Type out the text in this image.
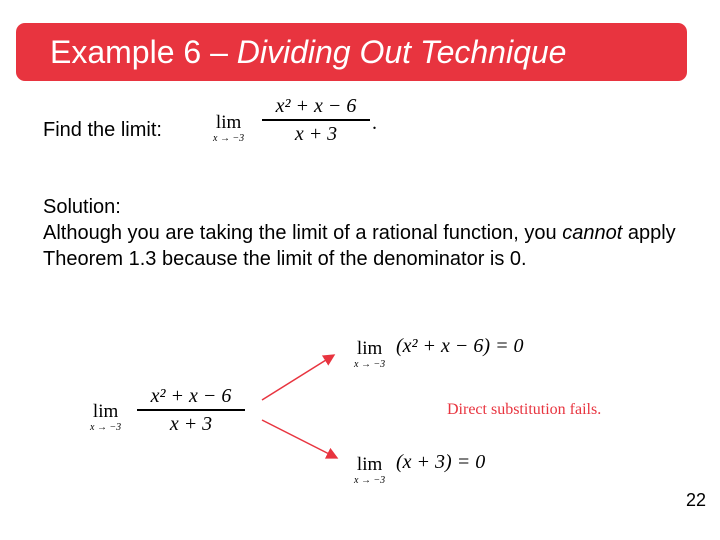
Example 6 – Dividing Out Technique
Find the limit:	lim
x → −3
x² + x − 6
x + 3	.
Solution:
Although you are taking the limit of a rational function, you cannot apply Theorem 1.3 because the limit of the denominator is 0.
lim
x → −3
x² + x − 6
x + 3
lim
x → −3
(x² + x − 6) = 0
Direct substitution fails.
lim
x → −3
(x + 3) = 0
22
